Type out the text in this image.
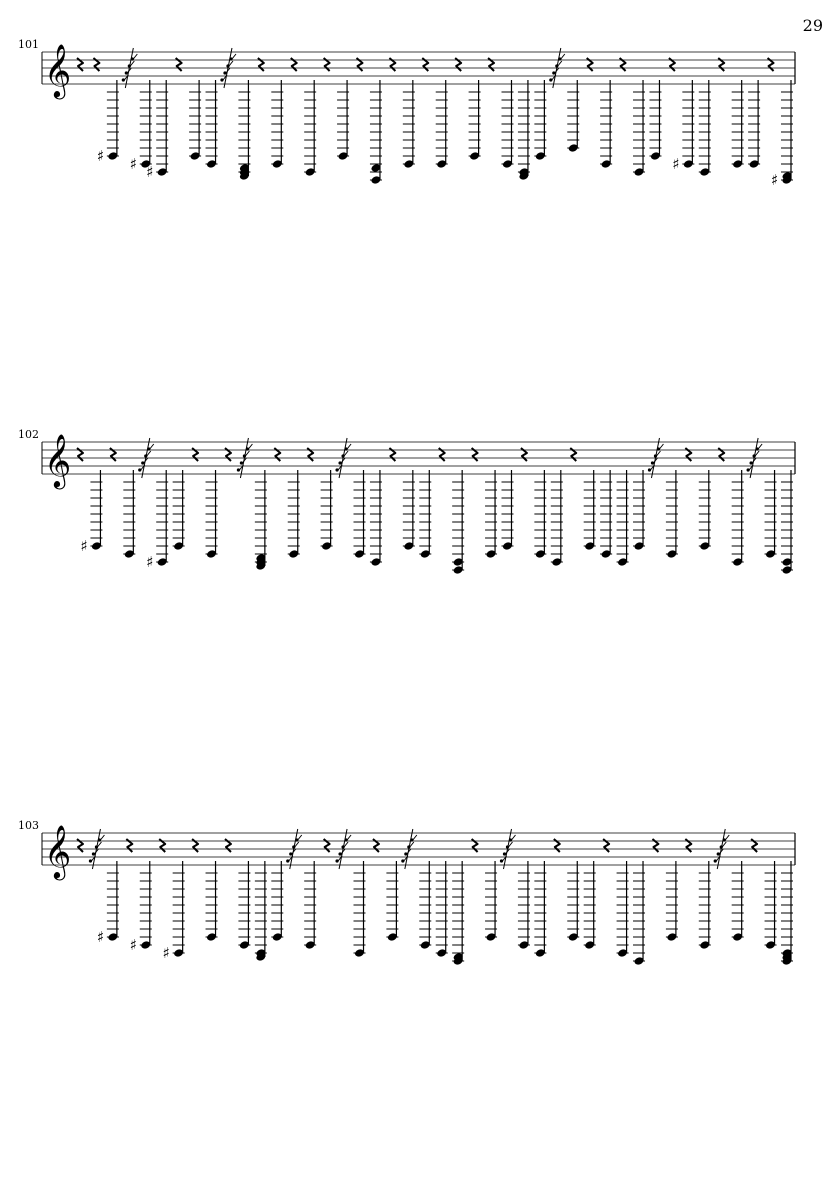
29
101 𝄞
♯ ♯ ♯	♯
♯
102 𝄞
♯
♯
103 𝄞
♯ ♯ ♯
